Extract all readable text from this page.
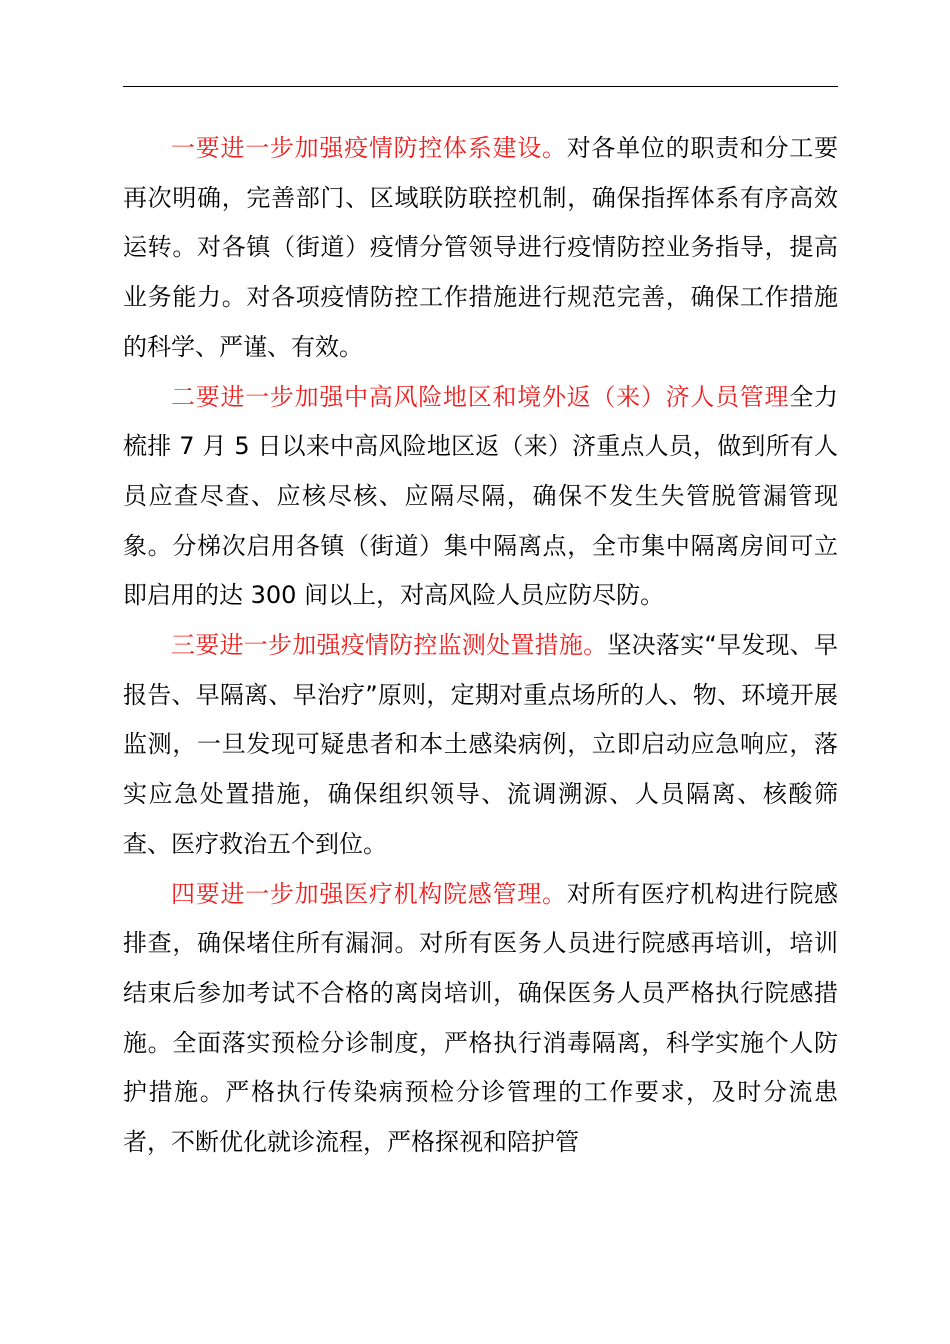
一要进一步加强疫情防控体系建设。对各单位的职责和分工要再次明确，完善部门、区域联防联控机制，确保指挥体系有序高效运转。对各镇（街道）疫情分管领导进行疫情防控业务指导，提高业务能力。对各项疫情防控工作措施进行规范完善，确保工作措施的科学、严谨、有效。

二要进一步加强中高风险地区和境外返（来）济人员管理全力梳排 7 月 5 日以来中高风险地区返（来）济重点人员，做到所有人员应查尽查、应核尽核、应隔尽隔，确保不发生失管脱管漏管现象。分梯次启用各镇（街道）集中隔离点，全市集中隔离房间可立即启用的达 300 间以上，对高风险人员应防尽防。

三要进一步加强疫情防控监测处置措施。坚决落实“早发现、早报告、早隔离、早治疗”原则，定期对重点场所的人、物、环境开展监测，一旦发现可疑患者和本土感染病例，立即启动应急响应，落实应急处置措施，确保组织领导、流调溯源、人员隔离、核酸筛查、医疗救治五个到位。

四要进一步加强医疗机构院感管理。对所有医疗机构进行院感排查，确保堵住所有漏洞。对所有医务人员进行院感再培训，培训结束后参加考试不合格的离岗培训，确保医务人员严格执行院感措施。全面落实预检分诊制度，严格执行消毒隔离，科学实施个人防护措施。严格执行传染病预检分诊管理的工作要求，及时分流患者，不断优化就诊流程，严格探视和陪护管
